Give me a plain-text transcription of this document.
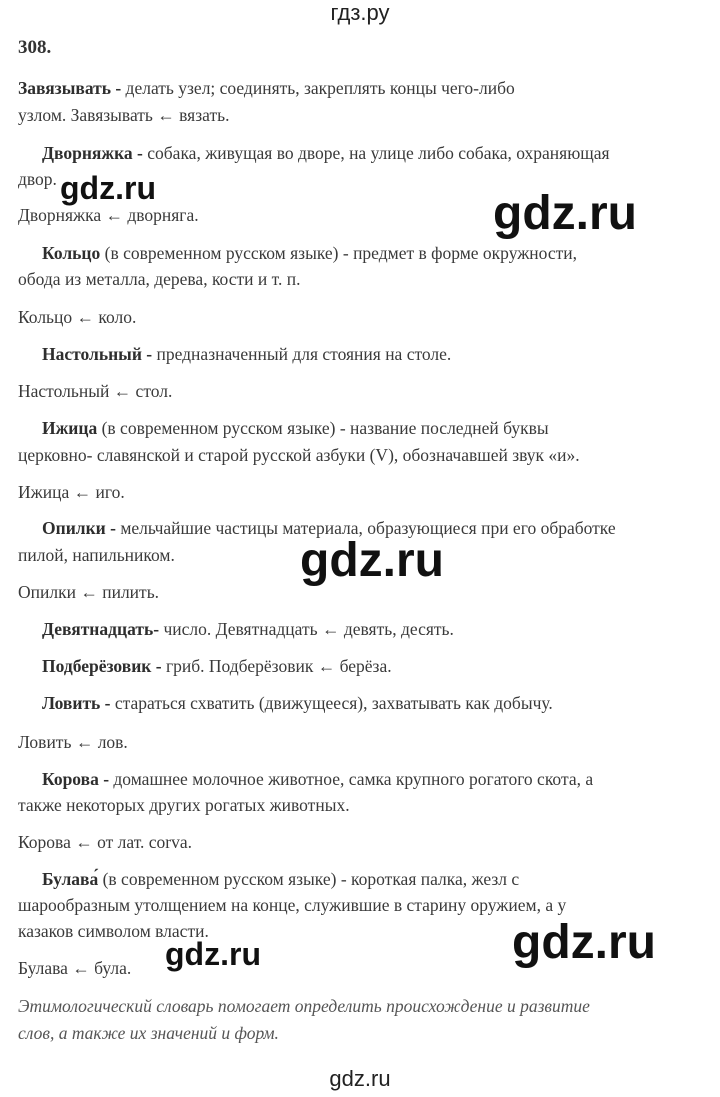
гдз.ру
308.
Завязывать - делать узел; соединять, закреплять концы чего-либо
узлом. Завязывать ← вязать.
Дворняжка - собака, живущая во дворе, на улице либо собака, охраняющая
двор.
Дворняжка ← дворняга.
Кольцо (в современном русском языке) - предмет в форме окружности,
обода из металла, дерева, кости и т. п.
Кольцо ← коло.
Настольный - предназначенный для стояния на столе.
Настольный ← стол.
Ижица (в современном русском языке) - название последней буквы
церковно- славянской и старой русской азбуки (V), обозначавшей звук «и».
Ижица ← иго.
Опилки - мельчайшие частицы материала, образующиеся при его обработке
пилой, напильником.
Опилки ← пилить.
Девятнадцать- число. Девятнадцать ← девять, десять.
Подберёзовик - гриб. Подберёзовик ← берёза.
Ловить - стараться схватить (движущееся), захватывать как добычу.
Ловить ← лов.
Корова - домашнее молочное животное, самка крупного рогатого скота, а
также некоторых других рогатых животных.
Корова ← от лат. corva.
Булава́ (в современном русском языке) - короткая палка, жезл с
шарообразным утолщением на конце, служившие в старину оружием, а у
казаков символом власти.
Булава ← була.
Этимологический словарь помогает определить происхождение и развитие
слов, а также их значений и форм.
gdz.ru	gdz.ru
gdz.ru
gdz.ru	gdz.ru
gdz.ru
